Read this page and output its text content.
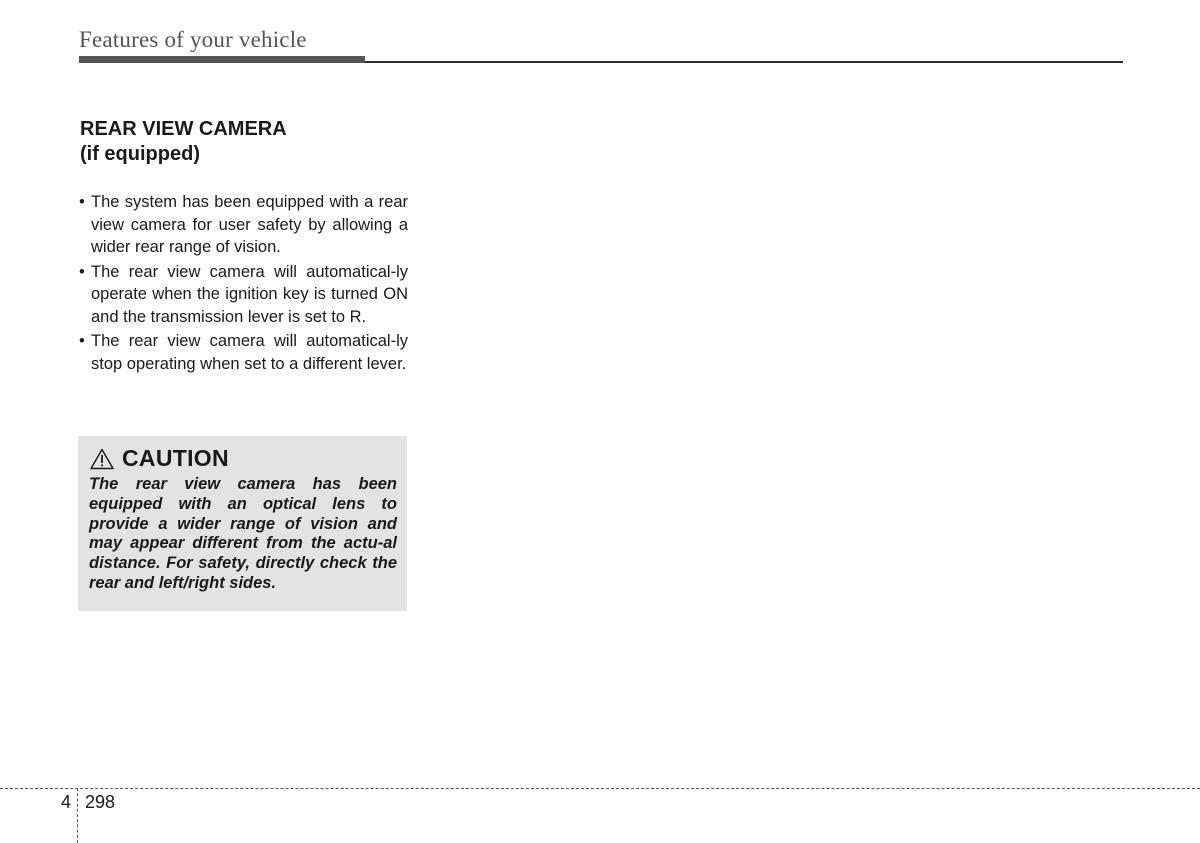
Features of your vehicle
REAR VIEW CAMERA
(if equipped)
• The system has been equipped with a rear view camera for user safety by allowing a wider rear range of vision.
• The rear view camera will automatical-ly operate when the ignition key is turned ON and the transmission lever is set to R.
• The rear view camera will automatical-ly stop operating when set to a different lever.
CAUTION
The rear view camera has been equipped with an optical lens to provide a wider range of vision and may appear different from the actu-al distance. For safety, directly check the rear and left/right sides.
4 298
